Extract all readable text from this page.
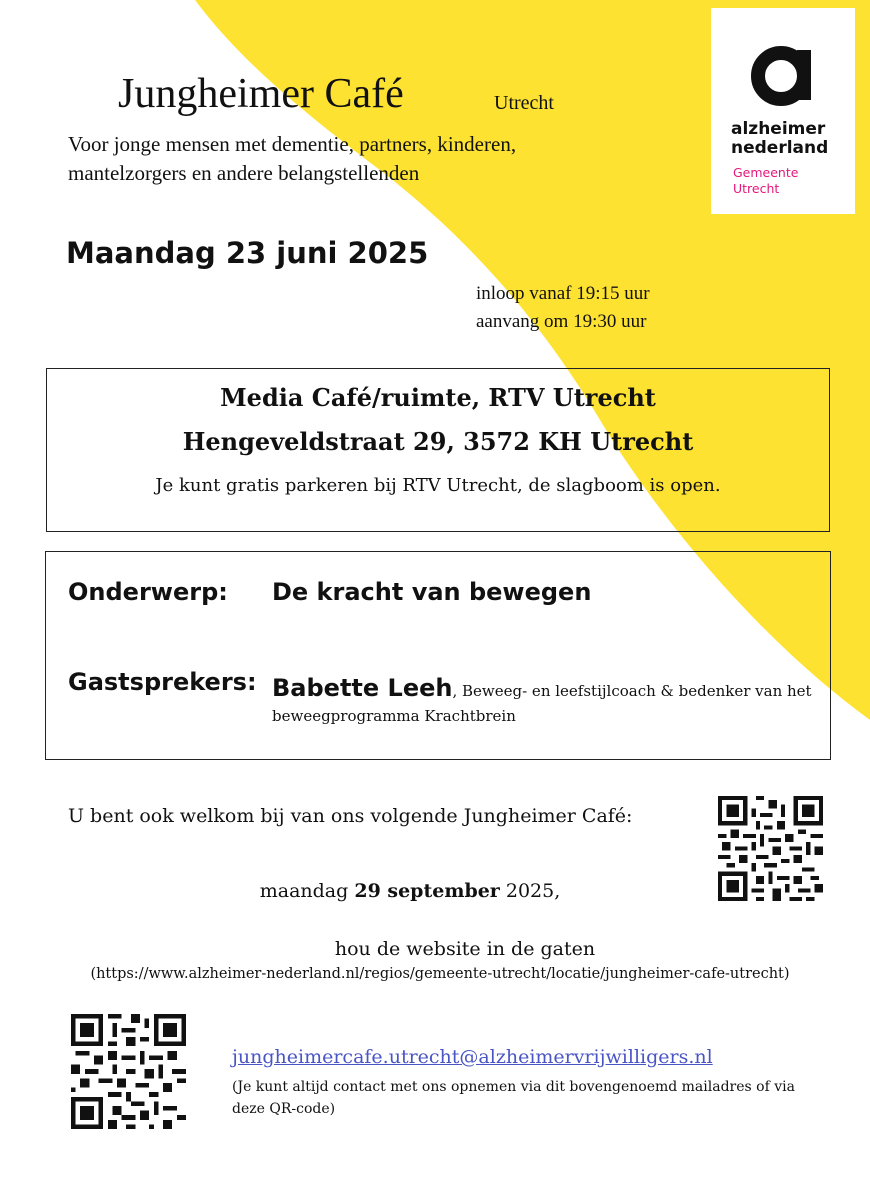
Jungheimer Café	Utrecht
Voor jonge mensen met dementie, partners, kinderen,
mantelzorgers en andere belangstellenden
alzheimer
nederland
Gemeente
Utrecht
Maandag 23 juni 2025
inloop vanaf 19:15 uur
aanvang om 19:30 uur
Media Café/ruimte, RTV Utrecht
Hengeveldstraat 29, 3572 KH Utrecht
Je kunt gratis parkeren bij RTV Utrecht, de slagboom is open.
Onderwerp: De kracht van bewegen
Gastsprekers: Babette Leeh, Beweeg- en leefstijlcoach & bedenker van het beweegprogramma Krachtbrein
U bent ook welkom bij van ons volgende Jungheimer Café:
maandag 29 september 2025,
hou de website in de gaten
(https://www.alzheimer-nederland.nl/regios/gemeente-utrecht/locatie/jungheimer-cafe-utrecht)
jungheimercafe.utrecht@alzheimervrijwilligers.nl
(Je kunt altijd contact met ons opnemen via dit bovengenoemd mailadres of via deze QR-code)
